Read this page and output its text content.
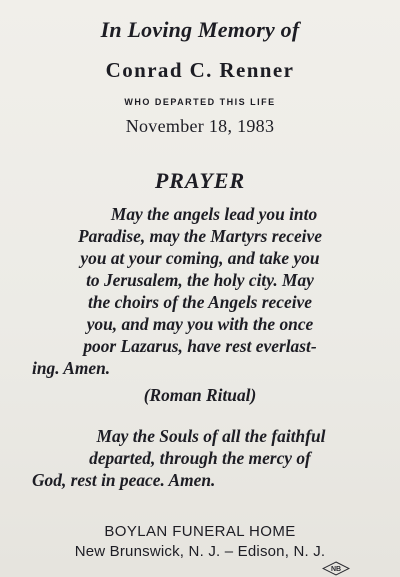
In Loving Memory of
Conrad C. Renner
WHO DEPARTED THIS LIFE
November 18, 1983
PRAYER
May the angels lead you into
Paradise, may the Martyrs receive
you at your coming, and take you
to Jerusalem, the holy city. May
the choirs of the Angels receive
you, and may you with the once
poor Lazarus, have rest everlast-
ing. Amen.
(Roman Ritual)
May the Souls of all the faithful
departed, through the mercy of
God, rest in peace. Amen.
BOYLAN FUNERAL HOME
New Brunswick, N. J. – Edison, N. J.
NB
